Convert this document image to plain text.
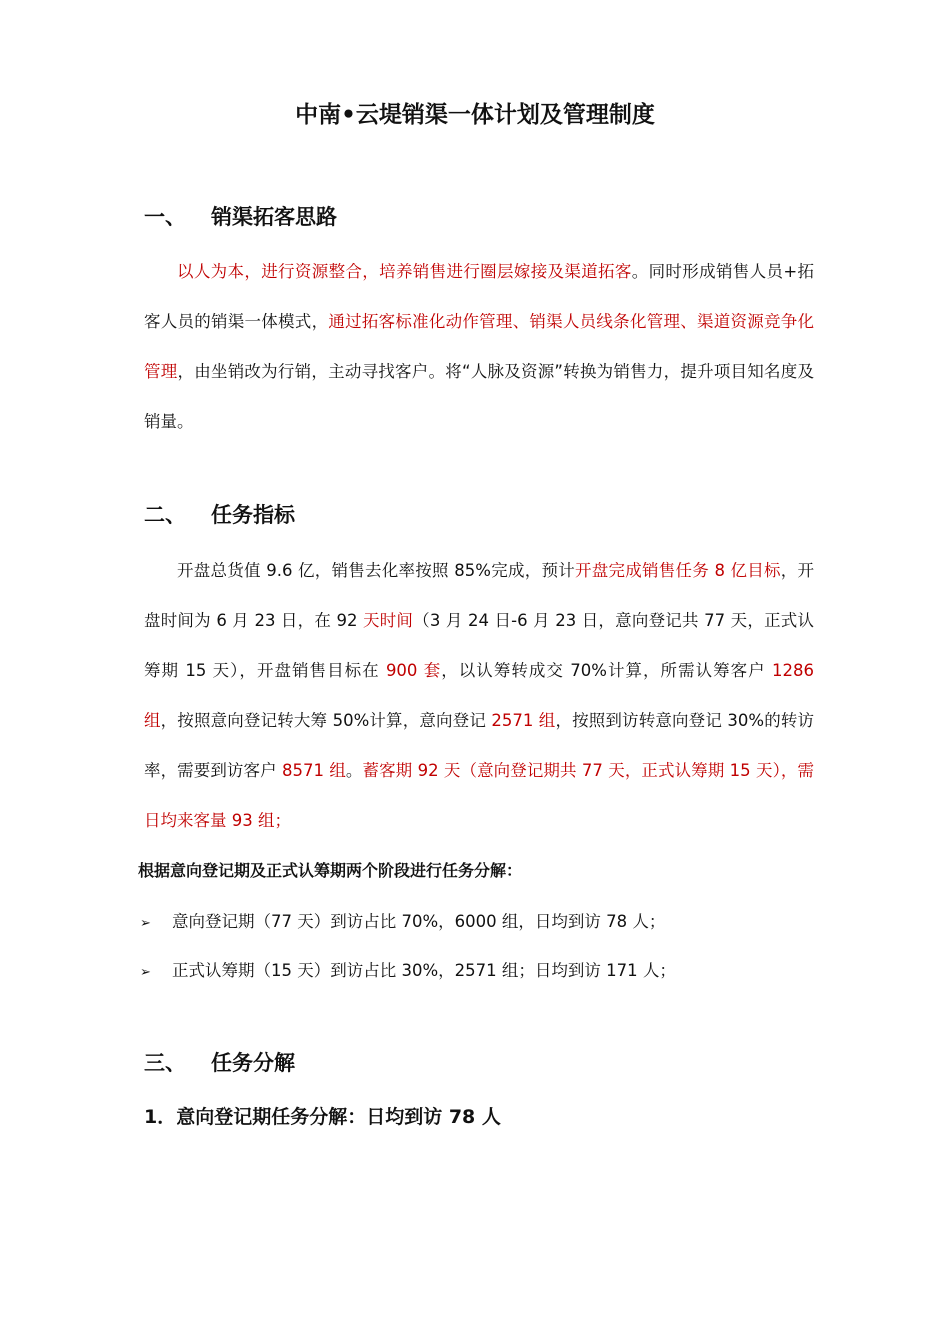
中南•云堤销渠一体计划及管理制度
一、 销渠拓客思路
以人为本，进行资源整合，培养销售进行圈层嫁接及渠道拓客。同时形成销售人员+拓客人员的销渠一体模式，通过拓客标准化动作管理、销渠人员线条化管理、渠道资源竞争化管理，由坐销改为行销，主动寻找客户。将“人脉及资源”转换为销售力，提升项目知名度及销量。
二、 任务指标
开盘总货值 9.6 亿，销售去化率按照 85%完成，预计开盘完成销售任务 8 亿目标，开盘时间为 6 月 23 日，在 92 天时间（3 月 24 日-6 月 23 日，意向登记共 77 天，正式认筹期 15 天），开盘销售目标在 900 套，以认筹转成交 70%计算，所需认筹客户 1286 组，按照意向登记转大筹 50%计算，意向登记 2571 组，按照到访转意向登记 30%的转访率，需要到访客户 8571 组。蓄客期 92 天（意向登记期共 77 天，正式认筹期 15 天），需日均来客量 93 组；
根据意向登记期及正式认筹期两个阶段进行任务分解：
➢ 意向登记期（77 天）到访占比 70%，6000 组，日均到访 78 人；
➢ 正式认筹期（15 天）到访占比 30%，2571 组；日均到访 171 人；
三、 任务分解
1．意向登记期任务分解：日均到访 78 人
